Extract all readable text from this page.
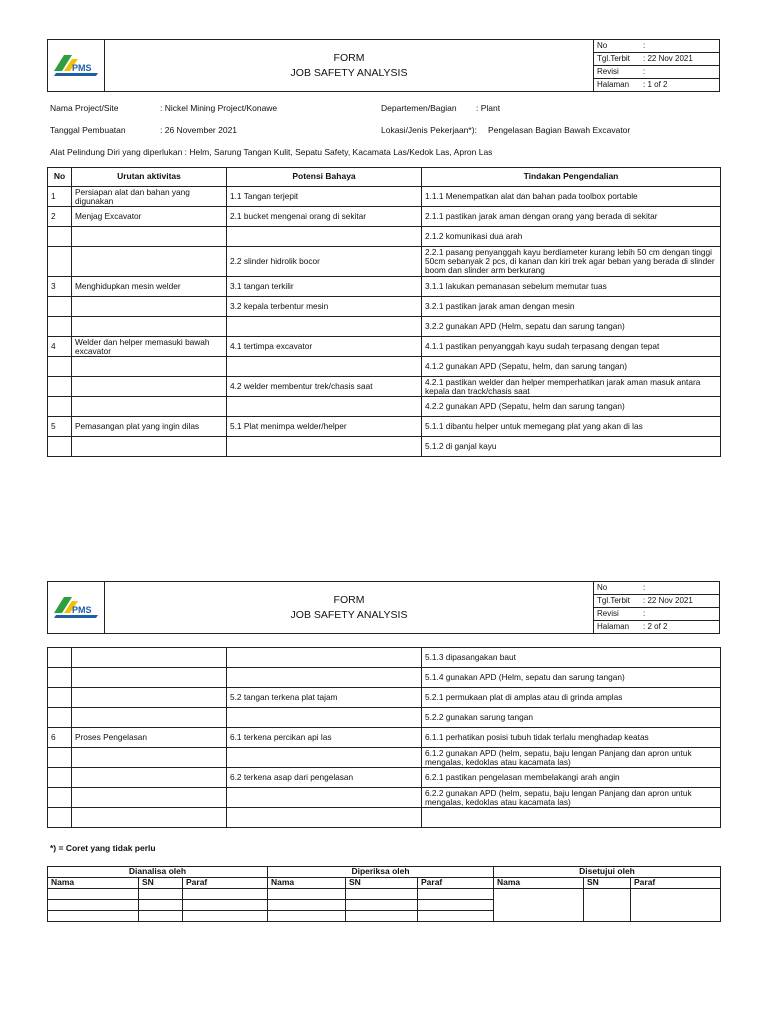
PMS

FORM
JOB SAFETY ANALYSIS

No	:
Tgl.Terbit	: 22 Nov 2021
Revisi	:
Halaman	: 1 of 2
Nama Project/Site	: Nickel Mining Project/Konawe	Departemen/Bagian : Plant
Tanggal Pembuatan	: 26 November 2021	Lokasi/Jenis Pekerjaan*): Pengelasan Bagian Bawah Excavator
Alat Pelindung Diri yang diperlukan : Helm, Sarung Tangan Kulit, Sepatu Safety, Kacamata Las/Kedok Las, Apron Las
No	Urutan aktivitas	Potensi Bahaya	Tindakan Pengendalian
1	Persiapan alat dan bahan yang digunakan	1.1 Tangan terjepit	1.1.1 Menempatkan alat dan bahan pada toolbox portable
2	Menjag Excavator	2.1 bucket mengenai orang di sekitar	2.1.1 pastikan jarak aman dengan orang yang berada di sekitar
			2.1.2 komunikasi dua arah
		2.2 slinder hidrolik bocor	2.2.1 pasang penyanggah kayu berdiameter kurang lebih 50 cm dengan tinggi 50cm sebanyak 2 pcs, di kanan dan kiri trek agar beban yang berada di slinder boom dan slinder arm berkurang
3	Menghidupkan mesin welder	3.1 tangan terkilir	3.1.1 lakukan pemanasan sebelum memutar tuas
		3.2 kepala terbentur mesin	3.2.1 pastikan jarak aman dengan mesin
			3.2.2 gunakan APD (Helm, sepatu dan sarung tangan)
4	Welder dan helper memasuki bawah excavator	4.1 tertimpa excavator	4.1.1 pastikan penyanggah kayu sudah terpasang dengan tepat
			4.1.2 gunakan APD (Sepatu, helm, dan sarung tangan)
		4.2 welder membentur trek/chasis saat	4.2.1 pastikan welder dan helper memperhatikan jarak aman masuk antara kepala dan track/chasis saat
			4.2.2 gunakan APD (Sepatu, helm dan sarung tangan)
5	Pemasangan plat yang ingin dilas	5.1 Plat menimpa welder/helper	5.1.1 dibantu helper untuk memegang plat yang akan di las
			5.1.2 di ganjal kayu
PMS

FORM
JOB SAFETY ANALYSIS

No	:
Tgl.Terbit	: 22 Nov 2021
Revisi	:
Halaman	: 2 of 2
			5.1.3 dipasangakan baut
			5.1.4 gunakan APD (Helm, sepatu dan sarung tangan)
		5.2 tangan terkena plat tajam	5.2.1 permukaan plat di amplas atau di grinda amplas
			5.2.2 gunakan sarung tangan
6	Proses Pengelasan	6.1 terkena percikan api las	6.1.1 perhatikan posisi tubuh tidak terlalu menghadap keatas
			6.1.2 gunakan APD (helm, sepatu, baju lengan Panjang dan apron untuk mengalas, kedoklas atau kacamata las)
		6.2 terkena asap dari pengelasan	6.2.1 pastikan pengelasan membelakangi arah angin
			6.2.2 gunakan APD (helm, sepatu, baju lengan Panjang dan apron untuk mengalas, kedoklas atau kacamata las)

*) = Coret yang tidak perlu
Dianalisa oleh			Diperiksa oleh			Disetujui oleh		
Nama	SN	Paraf	Nama	SN	Paraf	Nama	SN	Paraf
